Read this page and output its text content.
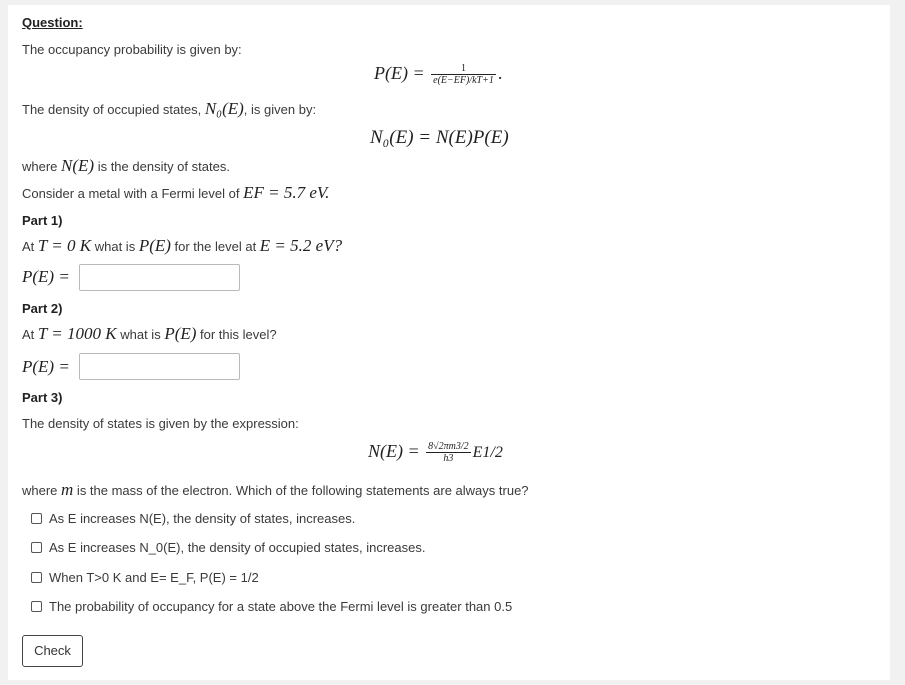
Question:
The occupancy probability is given by:
$P(E) = \frac{1}{e(E-EF)/kT+1}$ .
The density of occupied states, N₀(E), is given by:
N₀(E) = N(E)P(E)
where N(E) is the density of states.
Consider a metal with a Fermi level of EF = 5.7 eV.
Part 1)
At T = 0 K what is P(E) for the level at E = 5.2 eV?
P(E) =
Part 2)
At T = 1000 K what is P(E) for this level?
P(E) =
Part 3)
The density of states is given by the expression:
$N(E) = \frac{8√2\pi m3/2}{h3} E1/2$
where m is the mass of the electron. Which of the following statements are always true?
As E increases N(E), the density of states, increases.
As E increases N_0(E), the density of occupied states, increases.
When T>0 K and E= E_F, P(E) = 1/2
The probability of occupancy for a state above the Fermi level is greater than 0.5
Check
